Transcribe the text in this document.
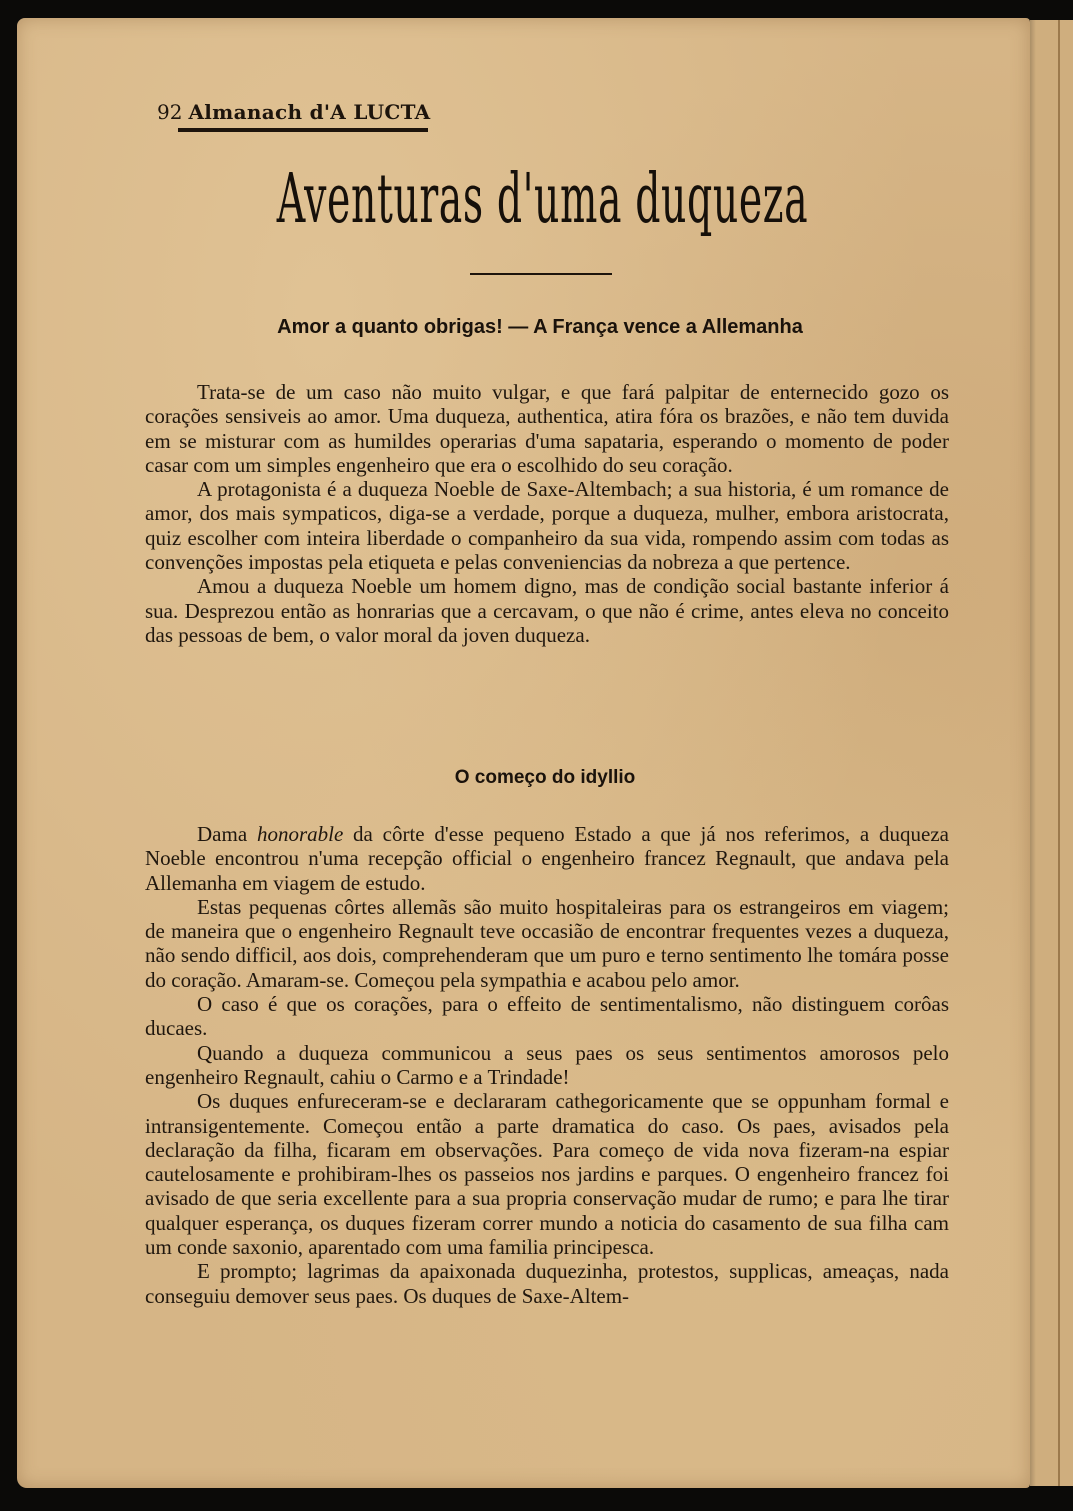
92 Almanach d'A LUCTA
Aventuras d'uma duqueza
Amor a quanto obrigas! — A França vence a Allemanha

Trata-se de um caso não muito vulgar, e que fará palpitar de enternecido gozo os corações sensiveis ao amor. Uma duqueza, authentica, atira fóra os brazões, e não tem duvida em se misturar com as humildes operarias d'uma sapataria, esperando o momento de poder casar com um simples engenheiro que era o escolhido do seu coração.

A protagonista é a duqueza Noeble de Saxe-Altembach; a sua historia, é um romance de amor, dos mais sympaticos, diga-se a verdade, porque a duqueza, mulher, embora aristocrata, quiz escolher com inteira liberdade o companheiro da sua vida, rompendo assim com todas as convenções impostas pela etiqueta e pelas conveniencias da nobreza a que pertence.

Amou a duqueza Noeble um homem digno, mas de condição social bastante inferior á sua. Desprezou então as honrarias que a cercavam, o que não é crime, antes eleva no conceito das pessoas de bem, o valor moral da joven duqueza.

O começo do idyllio

Dama honorable da côrte d'esse pequeno Estado a que já nos referimos, a duqueza Noeble encontrou n'uma recepção official o engenheiro francez Regnault, que andava pela Allemanha em viagem de estudo.

Estas pequenas côrtes allemãs são muito hospitaleiras para os estrangeiros em viagem; de maneira que o engenheiro Regnault teve occasião de encontrar frequentes vezes a duqueza, não sendo difficil, aos dois, comprehenderam que um puro e terno sentimento lhe tomára posse do coração. Amaram-se. Começou pela sympathia e acabou pelo amor.

O caso é que os corações, para o effeito de sentimentalismo, não distinguem corôas ducaes.

Quando a duqueza communicou a seus paes os seus sentimentos amorosos pelo engenheiro Regnault, cahiu o Carmo e a Trindade!

Os duques enfureceram-se e declararam cathegoricamente que se oppunham formal e intransigentemente. Começou então a parte dramatica do caso. Os paes, avisados pela declaração da filha, ficaram em observações. Para começo de vida nova fizeram-na espiar cautelosamente e prohibiram-lhes os passeios nos jardins e parques. O engenheiro francez foi avisado de que seria excellente para a sua propria conservação mudar de rumo; e para lhe tirar qualquer esperança, os duques fizeram correr mundo a noticia do casamento de sua filha cam um conde saxonio, aparentado com uma familia principesca.

E prompto; lagrimas da apaixonada duquezinha, protestos, supplicas, ameaças, nada conseguiu demover seus paes. Os duques de Saxe-Altem-
